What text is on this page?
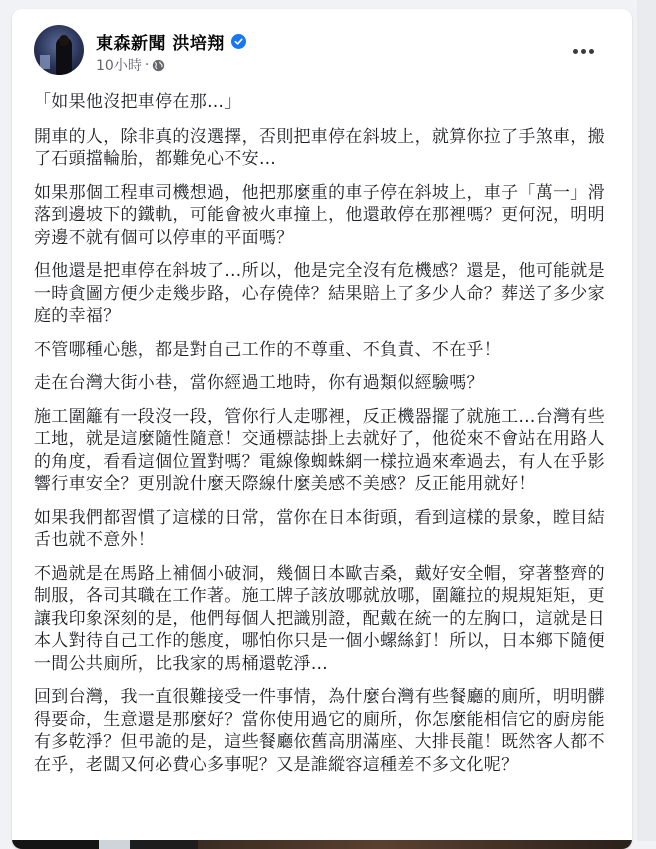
東森新聞 洪培翔
10小時 ·

「如果他沒把車停在那…」

開車的人，除非真的沒選擇，否則把車停在斜坡上，就算你拉了手煞車，搬了石頭擋輪胎，都難免心不安…

如果那個工程車司機想過，他把那麼重的車子停在斜坡上，車子「萬一」滑落到邊坡下的鐵軌，可能會被火車撞上，他還敢停在那裡嗎？更何況，明明旁邊不就有個可以停車的平面嗎？

但他還是把車停在斜坡了…所以，他是完全沒有危機感？還是，他可能就是一時貪圖方便少走幾步路，心存僥倖？結果賠上了多少人命？葬送了多少家庭的幸福？

不管哪種心態，都是對自己工作的不尊重、不負責、不在乎！

走在台灣大街小巷，當你經過工地時，你有過類似經驗嗎？

施工圍籬有一段沒一段，管你行人走哪裡，反正機器擺了就施工…台灣有些工地，就是這麼隨性隨意！交通標誌掛上去就好了，他從來不會站在用路人的角度，看看這個位置對嗎？電線像蜘蛛網一樣拉過來牽過去，有人在乎影響行車安全？更別說什麼天際線什麼美感不美感？反正能用就好！

如果我們都習慣了這樣的日常，當你在日本街頭，看到這樣的景象，瞠目結舌也就不意外！

不過就是在馬路上補個小破洞，幾個日本歐吉桑，戴好安全帽，穿著整齊的制服，各司其職在工作著。施工牌子該放哪就放哪，圍籬拉的規規矩矩，更讓我印象深刻的是，他們每個人把識別證，配戴在統一的左胸口，這就是日本人對待自己工作的態度，哪怕你只是一個小螺絲釘！所以，日本鄉下隨便一間公共廁所，比我家的馬桶還乾淨…

回到台灣，我一直很難接受一件事情，為什麼台灣有些餐廳的廁所，明明髒得要命，生意還是那麼好？當你使用過它的廁所，你怎麼能相信它的廚房能有多乾淨？但弔詭的是，這些餐廳依舊高朋滿座、大排長龍！既然客人都不在乎，老闆又何必費心多事呢？又是誰縱容這種差不多文化呢？
